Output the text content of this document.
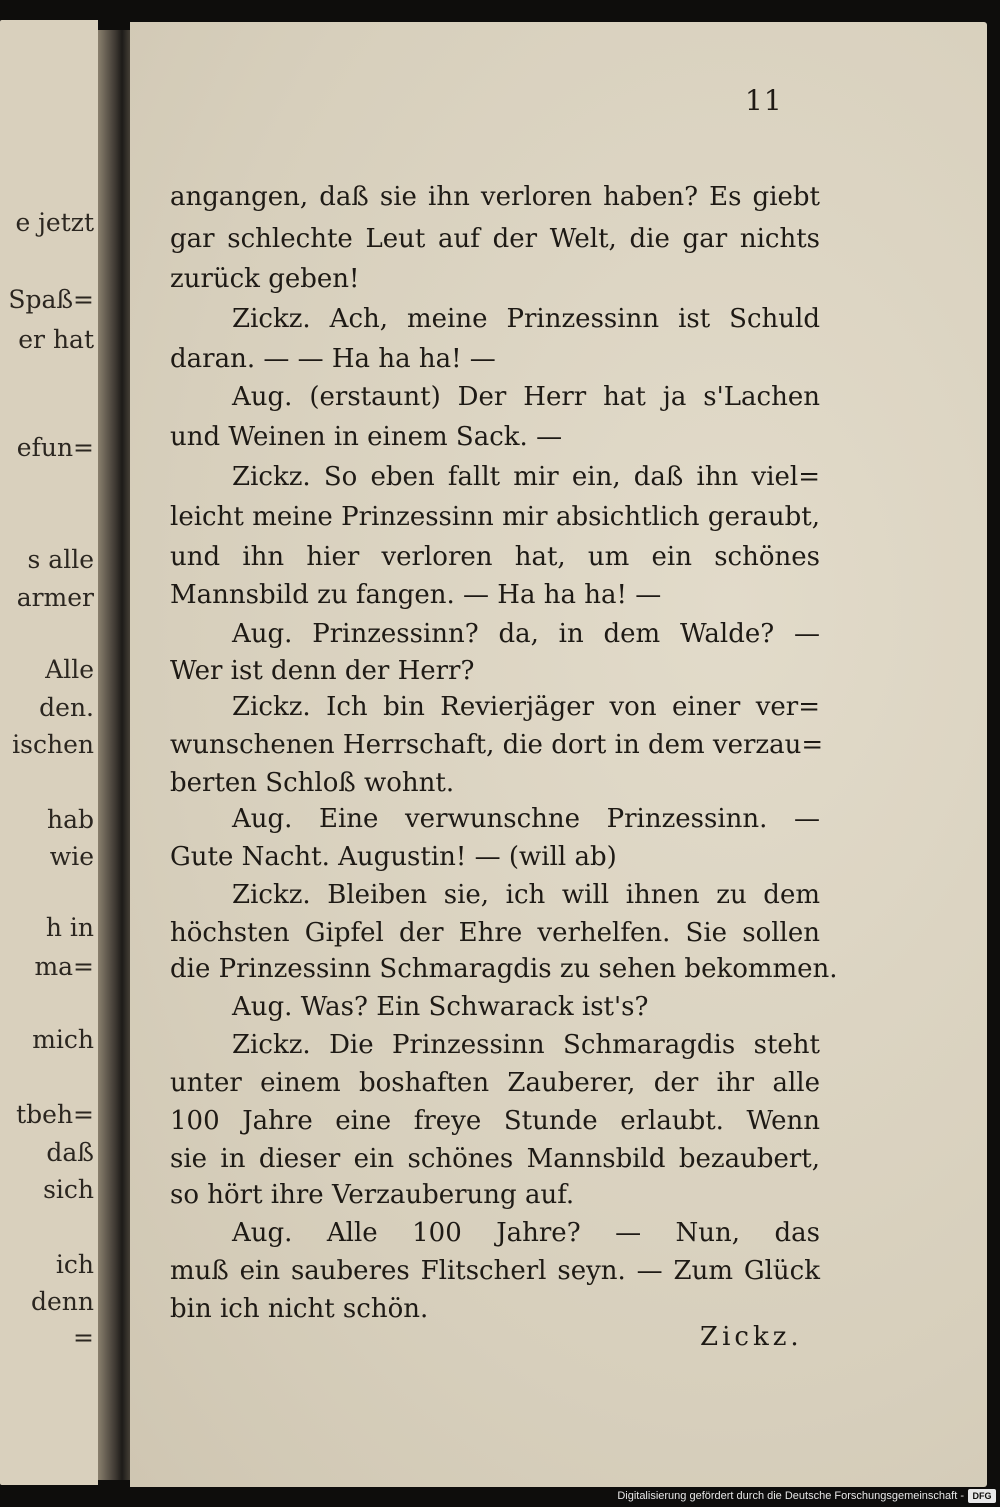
e jetzt
Spaß=
er hat
efun=
s alle
armer
Alle
den.
ischen
hab
wie
h in
ma=
mich
tbeh=
daß
sich
ich
denn
=
11
angangen, daß sie ihn verloren haben? Es giebt
gar schlechte Leut auf der Welt, die gar nichts
zurück geben!
Zickz. Ach, meine Prinzessinn ist Schuld
daran. — — Ha ha ha! —
Aug. (erstaunt) Der Herr hat ja s'Lachen
und Weinen in einem Sack. —
Zickz. So eben fallt mir ein, daß ihn viel=
leicht meine Prinzessinn mir absichtlich geraubt,
und ihn hier verloren hat, um ein schönes
Mannsbild zu fangen. — Ha ha ha! —
Aug. Prinzessinn? da, in dem Walde? —
Wer ist denn der Herr?
Zickz. Ich bin Revierjäger von einer ver=
wunschenen Herrschaft, die dort in dem verzau=
berten Schloß wohnt.
Aug. Eine verwunschne Prinzessinn. —
Gute Nacht. Augustin! — (will ab)
Zickz. Bleiben sie, ich will ihnen zu dem
höchsten Gipfel der Ehre verhelfen. Sie sollen
die Prinzessinn Schmaragdis zu sehen bekommen.
Aug. Was? Ein Schwarack ist's?
Zickz. Die Prinzessinn Schmaragdis steht
unter einem boshaften Zauberer, der ihr alle
100 Jahre eine freye Stunde erlaubt. Wenn
sie in dieser ein schönes Mannsbild bezaubert,
so hört ihre Verzauberung auf.
Aug. Alle 100 Jahre? — Nun, das
muß ein sauberes Flitscherl seyn. — Zum Glück
bin ich nicht schön.
Zickz.
Digitalisierung gefördert durch die Deutsche Forschungsgemeinschaft - DFG
